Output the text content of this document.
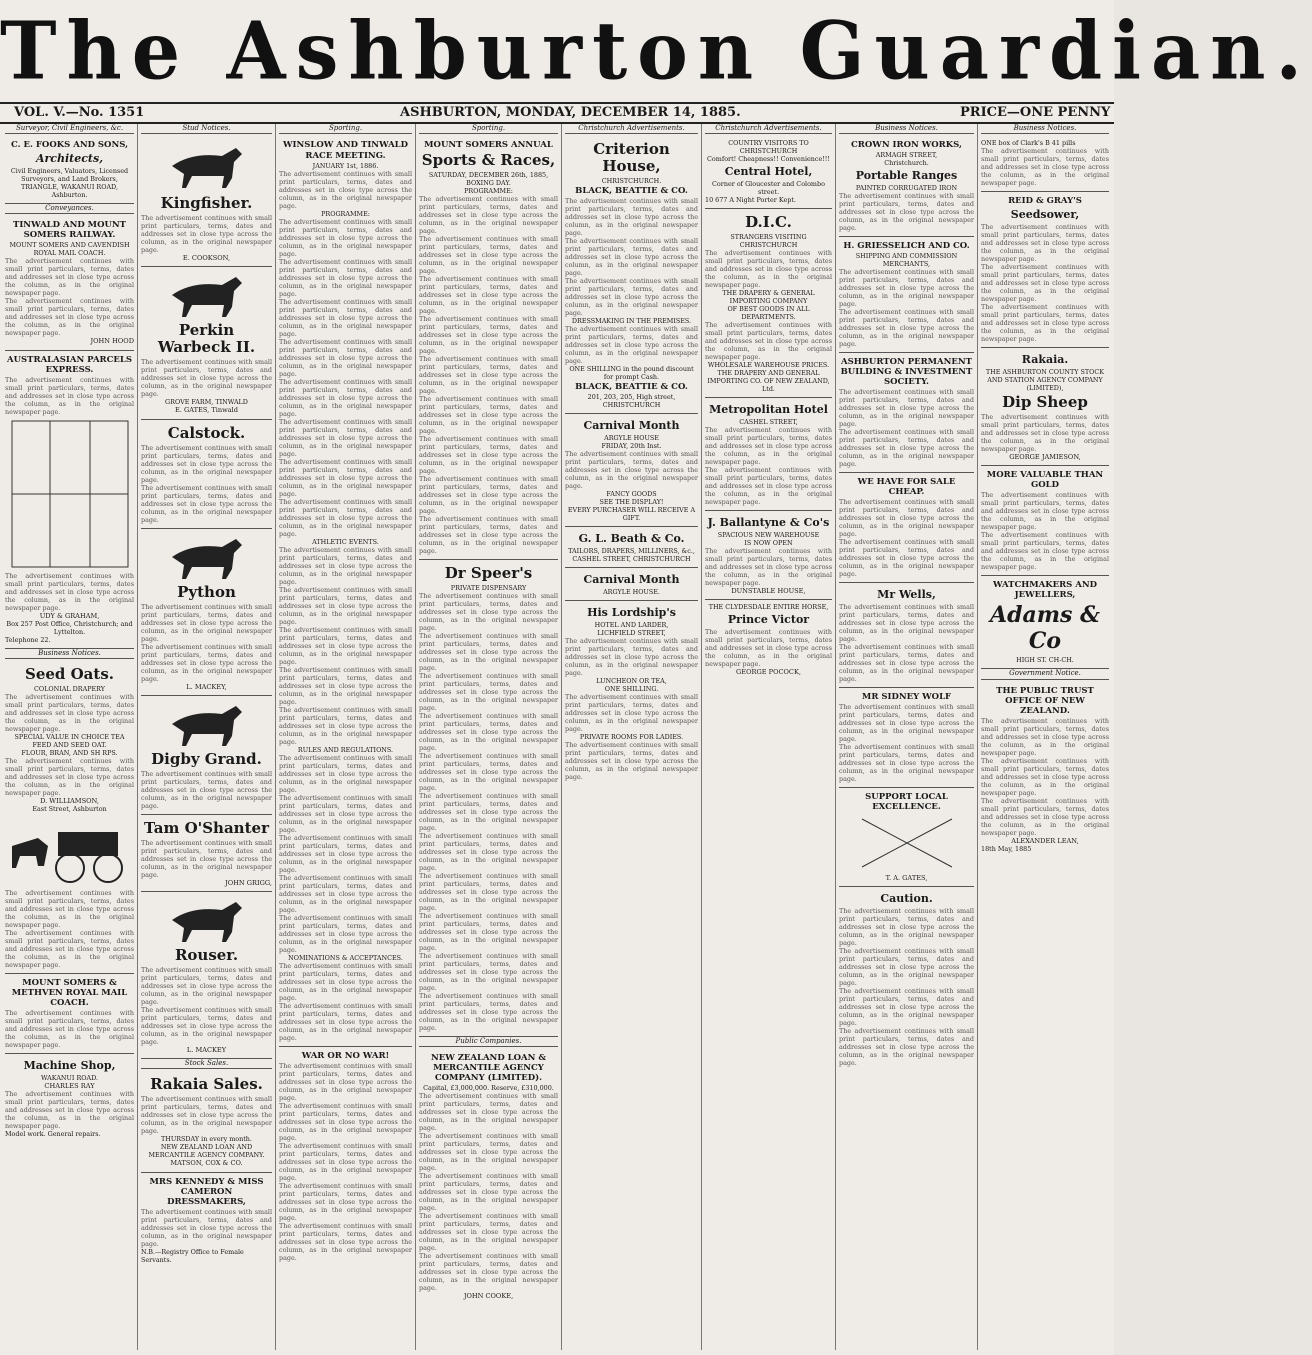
The Ashburton Guardian.
VOL. V.—No. 1351	ASHBURTON, MONDAY, DECEMBER 14, 1885.	PRICE—ONE PENNY
Surveyor, Civil Engineers, &c.
C. E. FOOKS AND SONS,
Architects,
Civil Engineers, Valuators, Licensed Surveyors, and Land Brokers, TRIANGLE, WAKANUI ROAD, Ashburton.
Conveyances.
TINWALD AND MOUNT SOMERS RAILWAY.
MOUNT SOMERS AND CAVENDISH ROYAL MAIL COACH.
The advertisement continues with small print particulars, terms, dates and addresses set in close type across the column, as in the original newspaper page.
The advertisement continues with small print particulars, terms, dates and addresses set in close type across the column, as in the original newspaper page.
JOHN HOOD
AUSTRALASIAN PARCELS EXPRESS.
The advertisement continues with small print particulars, terms, dates and addresses set in close type across the column, as in the original newspaper page.
The advertisement continues with small print particulars, terms, dates and addresses set in close type across the column, as in the original newspaper page.
UDY & GRAHAM,
Box 257 Post Office, Christchurch; and Lyttelton.
Telephone 22.
Business Notices.
Seed Oats.
COLONIAL DRAPERY
The advertisement continues with small print particulars, terms, dates and addresses set in close type across the column, as in the original newspaper page.
SPECIAL VALUE IN CHOICE TEA
FEED AND SEED OAT.
FLOUR, BRAN, AND SH RPS.
The advertisement continues with small print particulars, terms, dates and addresses set in close type across the column, as in the original newspaper page.
D. WILLIAMSON,
East Street, Ashburton
The advertisement continues with small print particulars, terms, dates and addresses set in close type across the column, as in the original newspaper page.
The advertisement continues with small print particulars, terms, dates and addresses set in close type across the column, as in the original newspaper page.
MOUNT SOMERS & METHVEN ROYAL MAIL COACH.
The advertisement continues with small print particulars, terms, dates and addresses set in close type across the column, as in the original newspaper page.
Machine Shop,
WAKANUI ROAD.
CHARLES RAY
The advertisement continues with small print particulars, terms, dates and addresses set in close type across the column, as in the original newspaper page.
Model work. General repairs.
Stud Notices.
Kingfisher.
The advertisement continues with small print particulars, terms, dates and addresses set in close type across the column, as in the original newspaper page.
E. COOKSON,
Perkin Warbeck II.
The advertisement continues with small print particulars, terms, dates and addresses set in close type across the column, as in the original newspaper page.
GROVE FARM, TINWALD
E. GATES, Tinwald
Calstock.
The advertisement continues with small print particulars, terms, dates and addresses set in close type across the column, as in the original newspaper page.
The advertisement continues with small print particulars, terms, dates and addresses set in close type across the column, as in the original newspaper page.
Python
The advertisement continues with small print particulars, terms, dates and addresses set in close type across the column, as in the original newspaper page.
The advertisement continues with small print particulars, terms, dates and addresses set in close type across the column, as in the original newspaper page.
L. MACKEY,
Digby Grand.
The advertisement continues with small print particulars, terms, dates and addresses set in close type across the column, as in the original newspaper page.
Tam O'Shanter
The advertisement continues with small print particulars, terms, dates and addresses set in close type across the column, as in the original newspaper page.
JOHN GRIGG,
Rouser.
The advertisement continues with small print particulars, terms, dates and addresses set in close type across the column, as in the original newspaper page.
The advertisement continues with small print particulars, terms, dates and addresses set in close type across the column, as in the original newspaper page.
L. MACKEY
Stock Sales.
Rakaia Sales.
The advertisement continues with small print particulars, terms, dates and addresses set in close type across the column, as in the original newspaper page.
THURSDAY in every month.
NEW ZEALAND LOAN AND MERCANTILE AGENCY COMPANY.
MATSON, COX & CO.
MRS KENNEDY & MISS CAMERON DRESSMAKERS,
The advertisement continues with small print particulars, terms, dates and addresses set in close type across the column, as in the original newspaper page.
N.B.—Registry Office to Female Servants.
Sporting.
WINSLOW AND TINWALD
RACE MEETING.
JANUARY 1st, 1886.
The advertisement continues with small print particulars, terms, dates and addresses set in close type across the column, as in the original newspaper page.
PROGRAMME:
The advertisement continues with small print particulars, terms, dates and addresses set in close type across the column, as in the original newspaper page.
The advertisement continues with small print particulars, terms, dates and addresses set in close type across the column, as in the original newspaper page.
The advertisement continues with small print particulars, terms, dates and addresses set in close type across the column, as in the original newspaper page.
The advertisement continues with small print particulars, terms, dates and addresses set in close type across the column, as in the original newspaper page.
The advertisement continues with small print particulars, terms, dates and addresses set in close type across the column, as in the original newspaper page.
The advertisement continues with small print particulars, terms, dates and addresses set in close type across the column, as in the original newspaper page.
The advertisement continues with small print particulars, terms, dates and addresses set in close type across the column, as in the original newspaper page.
The advertisement continues with small print particulars, terms, dates and addresses set in close type across the column, as in the original newspaper page.
ATHLETIC EVENTS.
The advertisement continues with small print particulars, terms, dates and addresses set in close type across the column, as in the original newspaper page.
The advertisement continues with small print particulars, terms, dates and addresses set in close type across the column, as in the original newspaper page.
The advertisement continues with small print particulars, terms, dates and addresses set in close type across the column, as in the original newspaper page.
The advertisement continues with small print particulars, terms, dates and addresses set in close type across the column, as in the original newspaper page.
The advertisement continues with small print particulars, terms, dates and addresses set in close type across the column, as in the original newspaper page.
RULES AND REGULATIONS.
The advertisement continues with small print particulars, terms, dates and addresses set in close type across the column, as in the original newspaper page.
The advertisement continues with small print particulars, terms, dates and addresses set in close type across the column, as in the original newspaper page.
The advertisement continues with small print particulars, terms, dates and addresses set in close type across the column, as in the original newspaper page.
The advertisement continues with small print particulars, terms, dates and addresses set in close type across the column, as in the original newspaper page.
The advertisement continues with small print particulars, terms, dates and addresses set in close type across the column, as in the original newspaper page.
NOMINATIONS & ACCEPTANCES.
The advertisement continues with small print particulars, terms, dates and addresses set in close type across the column, as in the original newspaper page.
The advertisement continues with small print particulars, terms, dates and addresses set in close type across the column, as in the original newspaper page.
WAR OR NO WAR!
The advertisement continues with small print particulars, terms, dates and addresses set in close type across the column, as in the original newspaper page.
The advertisement continues with small print particulars, terms, dates and addresses set in close type across the column, as in the original newspaper page.
The advertisement continues with small print particulars, terms, dates and addresses set in close type across the column, as in the original newspaper page.
The advertisement continues with small print particulars, terms, dates and addresses set in close type across the column, as in the original newspaper page.
The advertisement continues with small print particulars, terms, dates and addresses set in close type across the column, as in the original newspaper page.
Sporting.
MOUNT SOMERS ANNUAL
Sports & Races,
SATURDAY, DECEMBER 26th, 1885, BOXING DAY.
PROGRAMME:
The advertisement continues with small print particulars, terms, dates and addresses set in close type across the column, as in the original newspaper page.
The advertisement continues with small print particulars, terms, dates and addresses set in close type across the column, as in the original newspaper page.
The advertisement continues with small print particulars, terms, dates and addresses set in close type across the column, as in the original newspaper page.
The advertisement continues with small print particulars, terms, dates and addresses set in close type across the column, as in the original newspaper page.
The advertisement continues with small print particulars, terms, dates and addresses set in close type across the column, as in the original newspaper page.
The advertisement continues with small print particulars, terms, dates and addresses set in close type across the column, as in the original newspaper page.
The advertisement continues with small print particulars, terms, dates and addresses set in close type across the column, as in the original newspaper page.
The advertisement continues with small print particulars, terms, dates and addresses set in close type across the column, as in the original newspaper page.
The advertisement continues with small print particulars, terms, dates and addresses set in close type across the column, as in the original newspaper page.
Dr Speer's
PRIVATE DISPENSARY
The advertisement continues with small print particulars, terms, dates and addresses set in close type across the column, as in the original newspaper page.
The advertisement continues with small print particulars, terms, dates and addresses set in close type across the column, as in the original newspaper page.
The advertisement continues with small print particulars, terms, dates and addresses set in close type across the column, as in the original newspaper page.
The advertisement continues with small print particulars, terms, dates and addresses set in close type across the column, as in the original newspaper page.
The advertisement continues with small print particulars, terms, dates and addresses set in close type across the column, as in the original newspaper page.
The advertisement continues with small print particulars, terms, dates and addresses set in close type across the column, as in the original newspaper page.
The advertisement continues with small print particulars, terms, dates and addresses set in close type across the column, as in the original newspaper page.
The advertisement continues with small print particulars, terms, dates and addresses set in close type across the column, as in the original newspaper page.
The advertisement continues with small print particulars, terms, dates and addresses set in close type across the column, as in the original newspaper page.
The advertisement continues with small print particulars, terms, dates and addresses set in close type across the column, as in the original newspaper page.
The advertisement continues with small print particulars, terms, dates and addresses set in close type across the column, as in the original newspaper page.
Public Companies.
NEW ZEALAND LOAN & MERCANTILE AGENCY COMPANY (LIMITED).
Capital, £3,000,000. Reserve, £310,000.
The advertisement continues with small print particulars, terms, dates and addresses set in close type across the column, as in the original newspaper page.
The advertisement continues with small print particulars, terms, dates and addresses set in close type across the column, as in the original newspaper page.
The advertisement continues with small print particulars, terms, dates and addresses set in close type across the column, as in the original newspaper page.
The advertisement continues with small print particulars, terms, dates and addresses set in close type across the column, as in the original newspaper page.
The advertisement continues with small print particulars, terms, dates and addresses set in close type across the column, as in the original newspaper page.
JOHN COOKE,
Christchurch Advertisements.
Criterion House,
CHRISTCHURCH.
BLACK, BEATTIE & CO.
The advertisement continues with small print particulars, terms, dates and addresses set in close type across the column, as in the original newspaper page.
The advertisement continues with small print particulars, terms, dates and addresses set in close type across the column, as in the original newspaper page.
The advertisement continues with small print particulars, terms, dates and addresses set in close type across the column, as in the original newspaper page.
DRESSMAKING IN THE PREMISES.
The advertisement continues with small print particulars, terms, dates and addresses set in close type across the column, as in the original newspaper page.
ONE SHILLING in the pound discount for prompt Cash.
BLACK, BEATTIE & CO.
201, 203, 205, High street, CHRISTCHURCH
Carnival Month
ARGYLE HOUSE
FRIDAY, 20th Inst.
The advertisement continues with small print particulars, terms, dates and addresses set in close type across the column, as in the original newspaper page.
FANCY GOODS
SEE THE DISPLAY!
EVERY PURCHASER WILL RECEIVE A GIFT.
G. L. Beath & Co.
TAILORS, DRAPERS, MILLINERS, &c.,
CASHEL STREET, CHRISTCHURCH
Carnival Month
ARGYLE HOUSE.
His Lordship's
HOTEL AND LARDER,
LICHFIELD STREET,
The advertisement continues with small print particulars, terms, dates and addresses set in close type across the column, as in the original newspaper page.
LUNCHEON OR TEA,
ONE SHILLING.
The advertisement continues with small print particulars, terms, dates and addresses set in close type across the column, as in the original newspaper page.
PRIVATE ROOMS FOR LADIES.
The advertisement continues with small print particulars, terms, dates and addresses set in close type across the column, as in the original newspaper page.
Christchurch Advertisements.
COUNTRY VISITORS TO CHRISTCHURCH
Comfort! Cheapness!! Convenience!!!
Central Hotel,
Corner of Gloucester and Colombo street.
10 677 A Night Porter Kept.
D.I.C.
STRANGERS VISITING
CHRISTCHURCH
The advertisement continues with small print particulars, terms, dates and addresses set in close type across the column, as in the original newspaper page.
THE DRAPERY & GENERAL IMPORTING COMPANY
OF BEST GOODS IN ALL DEPARTMENTS.
The advertisement continues with small print particulars, terms, dates and addresses set in close type across the column, as in the original newspaper page.
WHOLESALE WAREHOUSE PRICES.
THE DRAPERY AND GENERAL IMPORTING CO. OF NEW ZEALAND, Ltd.
Metropolitan Hotel
CASHEL STREET,
The advertisement continues with small print particulars, terms, dates and addresses set in close type across the column, as in the original newspaper page.
The advertisement continues with small print particulars, terms, dates and addresses set in close type across the column, as in the original newspaper page.
J. Ballantyne & Co's
SPACIOUS NEW WAREHOUSE
IS NOW OPEN
The advertisement continues with small print particulars, terms, dates and addresses set in close type across the column, as in the original newspaper page.
DUNSTABLE HOUSE,
THE CLYDESDALE ENTIRE HORSE,
Prince Victor
The advertisement continues with small print particulars, terms, dates and addresses set in close type across the column, as in the original newspaper page.
GEORGE POCOCK,
Business Notices.
CROWN IRON WORKS,
ARMAGH STREET,
Christchurch.
Portable Ranges
PAINTED CORRUGATED IRON
The advertisement continues with small print particulars, terms, dates and addresses set in close type across the column, as in the original newspaper page.
H. GRIESSELICH AND CO.
SHIPPING AND COMMISSION MERCHANTS,
The advertisement continues with small print particulars, terms, dates and addresses set in close type across the column, as in the original newspaper page.
The advertisement continues with small print particulars, terms, dates and addresses set in close type across the column, as in the original newspaper page.
ASHBURTON PERMANENT BUILDING & INVESTMENT SOCIETY.
The advertisement continues with small print particulars, terms, dates and addresses set in close type across the column, as in the original newspaper page.
The advertisement continues with small print particulars, terms, dates and addresses set in close type across the column, as in the original newspaper page.
WE HAVE FOR SALE CHEAP.
The advertisement continues with small print particulars, terms, dates and addresses set in close type across the column, as in the original newspaper page.
The advertisement continues with small print particulars, terms, dates and addresses set in close type across the column, as in the original newspaper page.
Mr Wells,
The advertisement continues with small print particulars, terms, dates and addresses set in close type across the column, as in the original newspaper page.
The advertisement continues with small print particulars, terms, dates and addresses set in close type across the column, as in the original newspaper page.
MR SIDNEY WOLF
The advertisement continues with small print particulars, terms, dates and addresses set in close type across the column, as in the original newspaper page.
The advertisement continues with small print particulars, terms, dates and addresses set in close type across the column, as in the original newspaper page.
SUPPORT LOCAL EXCELLENCE.
T. A. GATES,
Caution.
The advertisement continues with small print particulars, terms, dates and addresses set in close type across the column, as in the original newspaper page.
The advertisement continues with small print particulars, terms, dates and addresses set in close type across the column, as in the original newspaper page.
The advertisement continues with small print particulars, terms, dates and addresses set in close type across the column, as in the original newspaper page.
The advertisement continues with small print particulars, terms, dates and addresses set in close type across the column, as in the original newspaper page.
Business Notices.
ONE box of Clark's B 41 pills
The advertisement continues with small print particulars, terms, dates and addresses set in close type across the column, as in the original newspaper page.
REID & GRAY'S
Seedsower,
The advertisement continues with small print particulars, terms, dates and addresses set in close type across the column, as in the original newspaper page.
The advertisement continues with small print particulars, terms, dates and addresses set in close type across the column, as in the original newspaper page.
The advertisement continues with small print particulars, terms, dates and addresses set in close type across the column, as in the original newspaper page.
Rakaia.
THE ASHBURTON COUNTY STOCK AND STATION AGENCY COMPANY (LIMITED),
Dip Sheep
The advertisement continues with small print particulars, terms, dates and addresses set in close type across the column, as in the original newspaper page.
GEORGE JAMIESON,
MORE VALUABLE THAN GOLD
The advertisement continues with small print particulars, terms, dates and addresses set in close type across the column, as in the original newspaper page.
The advertisement continues with small print particulars, terms, dates and addresses set in close type across the column, as in the original newspaper page.
WATCHMAKERS AND JEWELLERS,
Adams & Co
HIGH ST. CH-CH.
Government Notice.
THE PUBLIC TRUST OFFICE OF NEW ZEALAND.
The advertisement continues with small print particulars, terms, dates and addresses set in close type across the column, as in the original newspaper page.
The advertisement continues with small print particulars, terms, dates and addresses set in close type across the column, as in the original newspaper page.
The advertisement continues with small print particulars, terms, dates and addresses set in close type across the column, as in the original newspaper page.
ALEXANDER LEAN,
18th May, 1885
